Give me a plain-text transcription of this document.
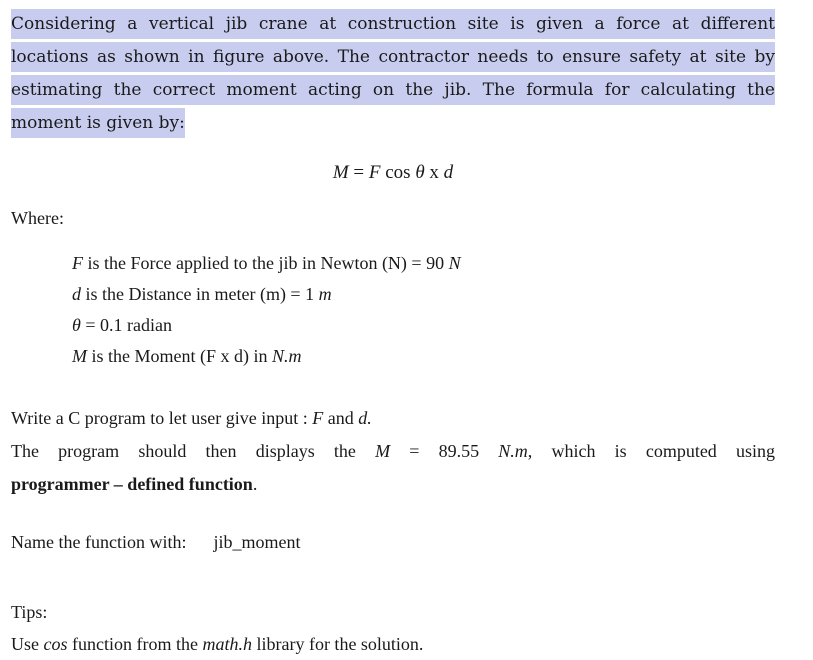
Considering a vertical jib crane at construction site is given a force at different locations as shown in figure above. The contractor needs to ensure safety at site by estimating the correct moment acting on the jib. The formula for calculating the moment is given by:
M = F cos θ x d
Where:
F is the Force applied to the jib in Newton (N) = 90 N
d is the Distance in meter (m) = 1 m
θ = 0.1 radian
M is the Moment (F x d) in N.m
Write a C program to let user give input : F and d.
The program should then displays the M = 89.55 N.m, which is computed using
programmer – defined function.
Name the function with: jib_moment
Tips:
Use cos function from the math.h library for the solution.
